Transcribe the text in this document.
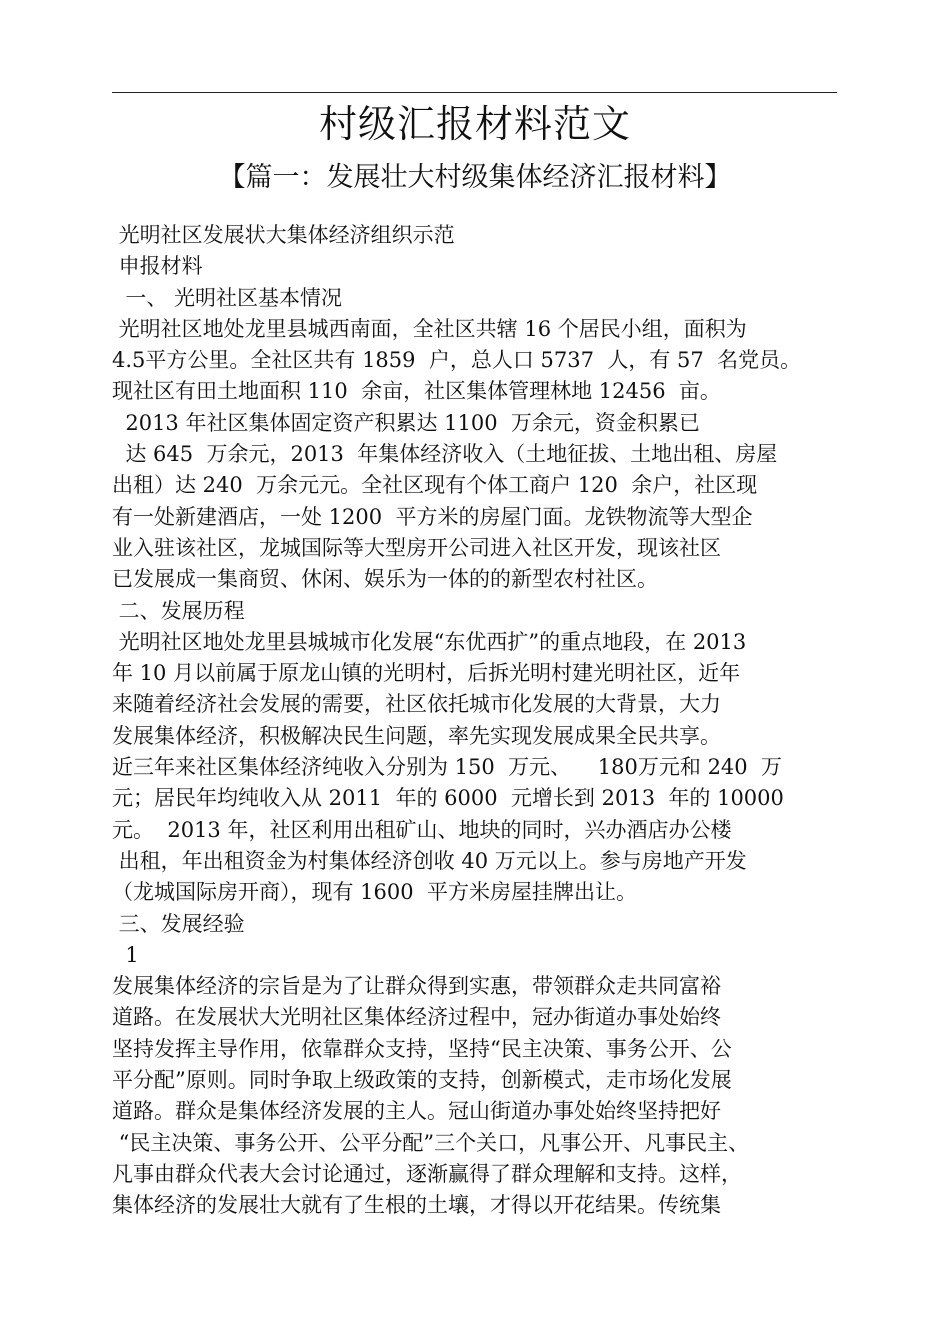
村级汇报材料范文
【篇一：发展壮大村级集体经济汇报材料】
光明社区发展状大集体经济组织示范
申报材料
一、 光明社区基本情况
光明社区地处龙里县城西南面，全社区共辖 16 个居民小组，面积为
4.5平方公里。全社区共有 1859  户，总人口 5737  人，有 57  名党员。
现社区有田土地面积 110  余亩，社区集体管理林地 12456  亩。
2013 年社区集体固定资产积累达 1100  万余元，资金积累已
达 645  万余元，2013  年集体经济收入（土地征拔、土地出租、房屋
出租）达 240  万余元元。全社区现有个体工商户 120  余户，社区现
有一处新建酒店，一处 1200  平方米的房屋门面。龙铁物流等大型企
业入驻该社区，龙城国际等大型房开公司进入社区开发，现该社区
已发展成一集商贸、休闲、娱乐为一体的的新型农村社区。
二、发展历程
光明社区地处龙里县城城市化发展“东优西扩”的重点地段，在 2013
年 10 月以前属于原龙山镇的光明村，后拆光明村建光明社区，近年
来随着经济社会发展的需要，社区依托城市化发展的大背景，大力
发展集体经济，积极解决民生问题，率先实现发展成果全民共享。
近三年来社区集体经济纯收入分别为 150  万元、    180万元和 240  万
元；居民年均纯收入从 2011  年的 6000  元增长到 2013  年的 10000
元。  2013 年，社区利用出租矿山、地块的同时，兴办酒店办公楼
出租，年出租资金为村集体经济创收 40 万元以上。参与房地产开发
（龙城国际房开商），现有 1600  平方米房屋挂牌出让。
三、发展经验
1
发展集体经济的宗旨是为了让群众得到实惠，带领群众走共同富裕
道路。在发展状大光明社区集体经济过程中，冠办街道办事处始终
坚持发挥主导作用，依靠群众支持，坚持“民主决策、事务公开、公
平分配”原则。同时争取上级政策的支持，创新模式，走市场化发展
道路。群众是集体经济发展的主人。冠山街道办事处始终坚持把好
“民主决策、事务公开、公平分配”三个关口，凡事公开、凡事民主、
凡事由群众代表大会讨论通过，逐渐赢得了群众理解和支持。这样，
集体经济的发展壮大就有了生根的土壤，才得以开花结果。传统集
